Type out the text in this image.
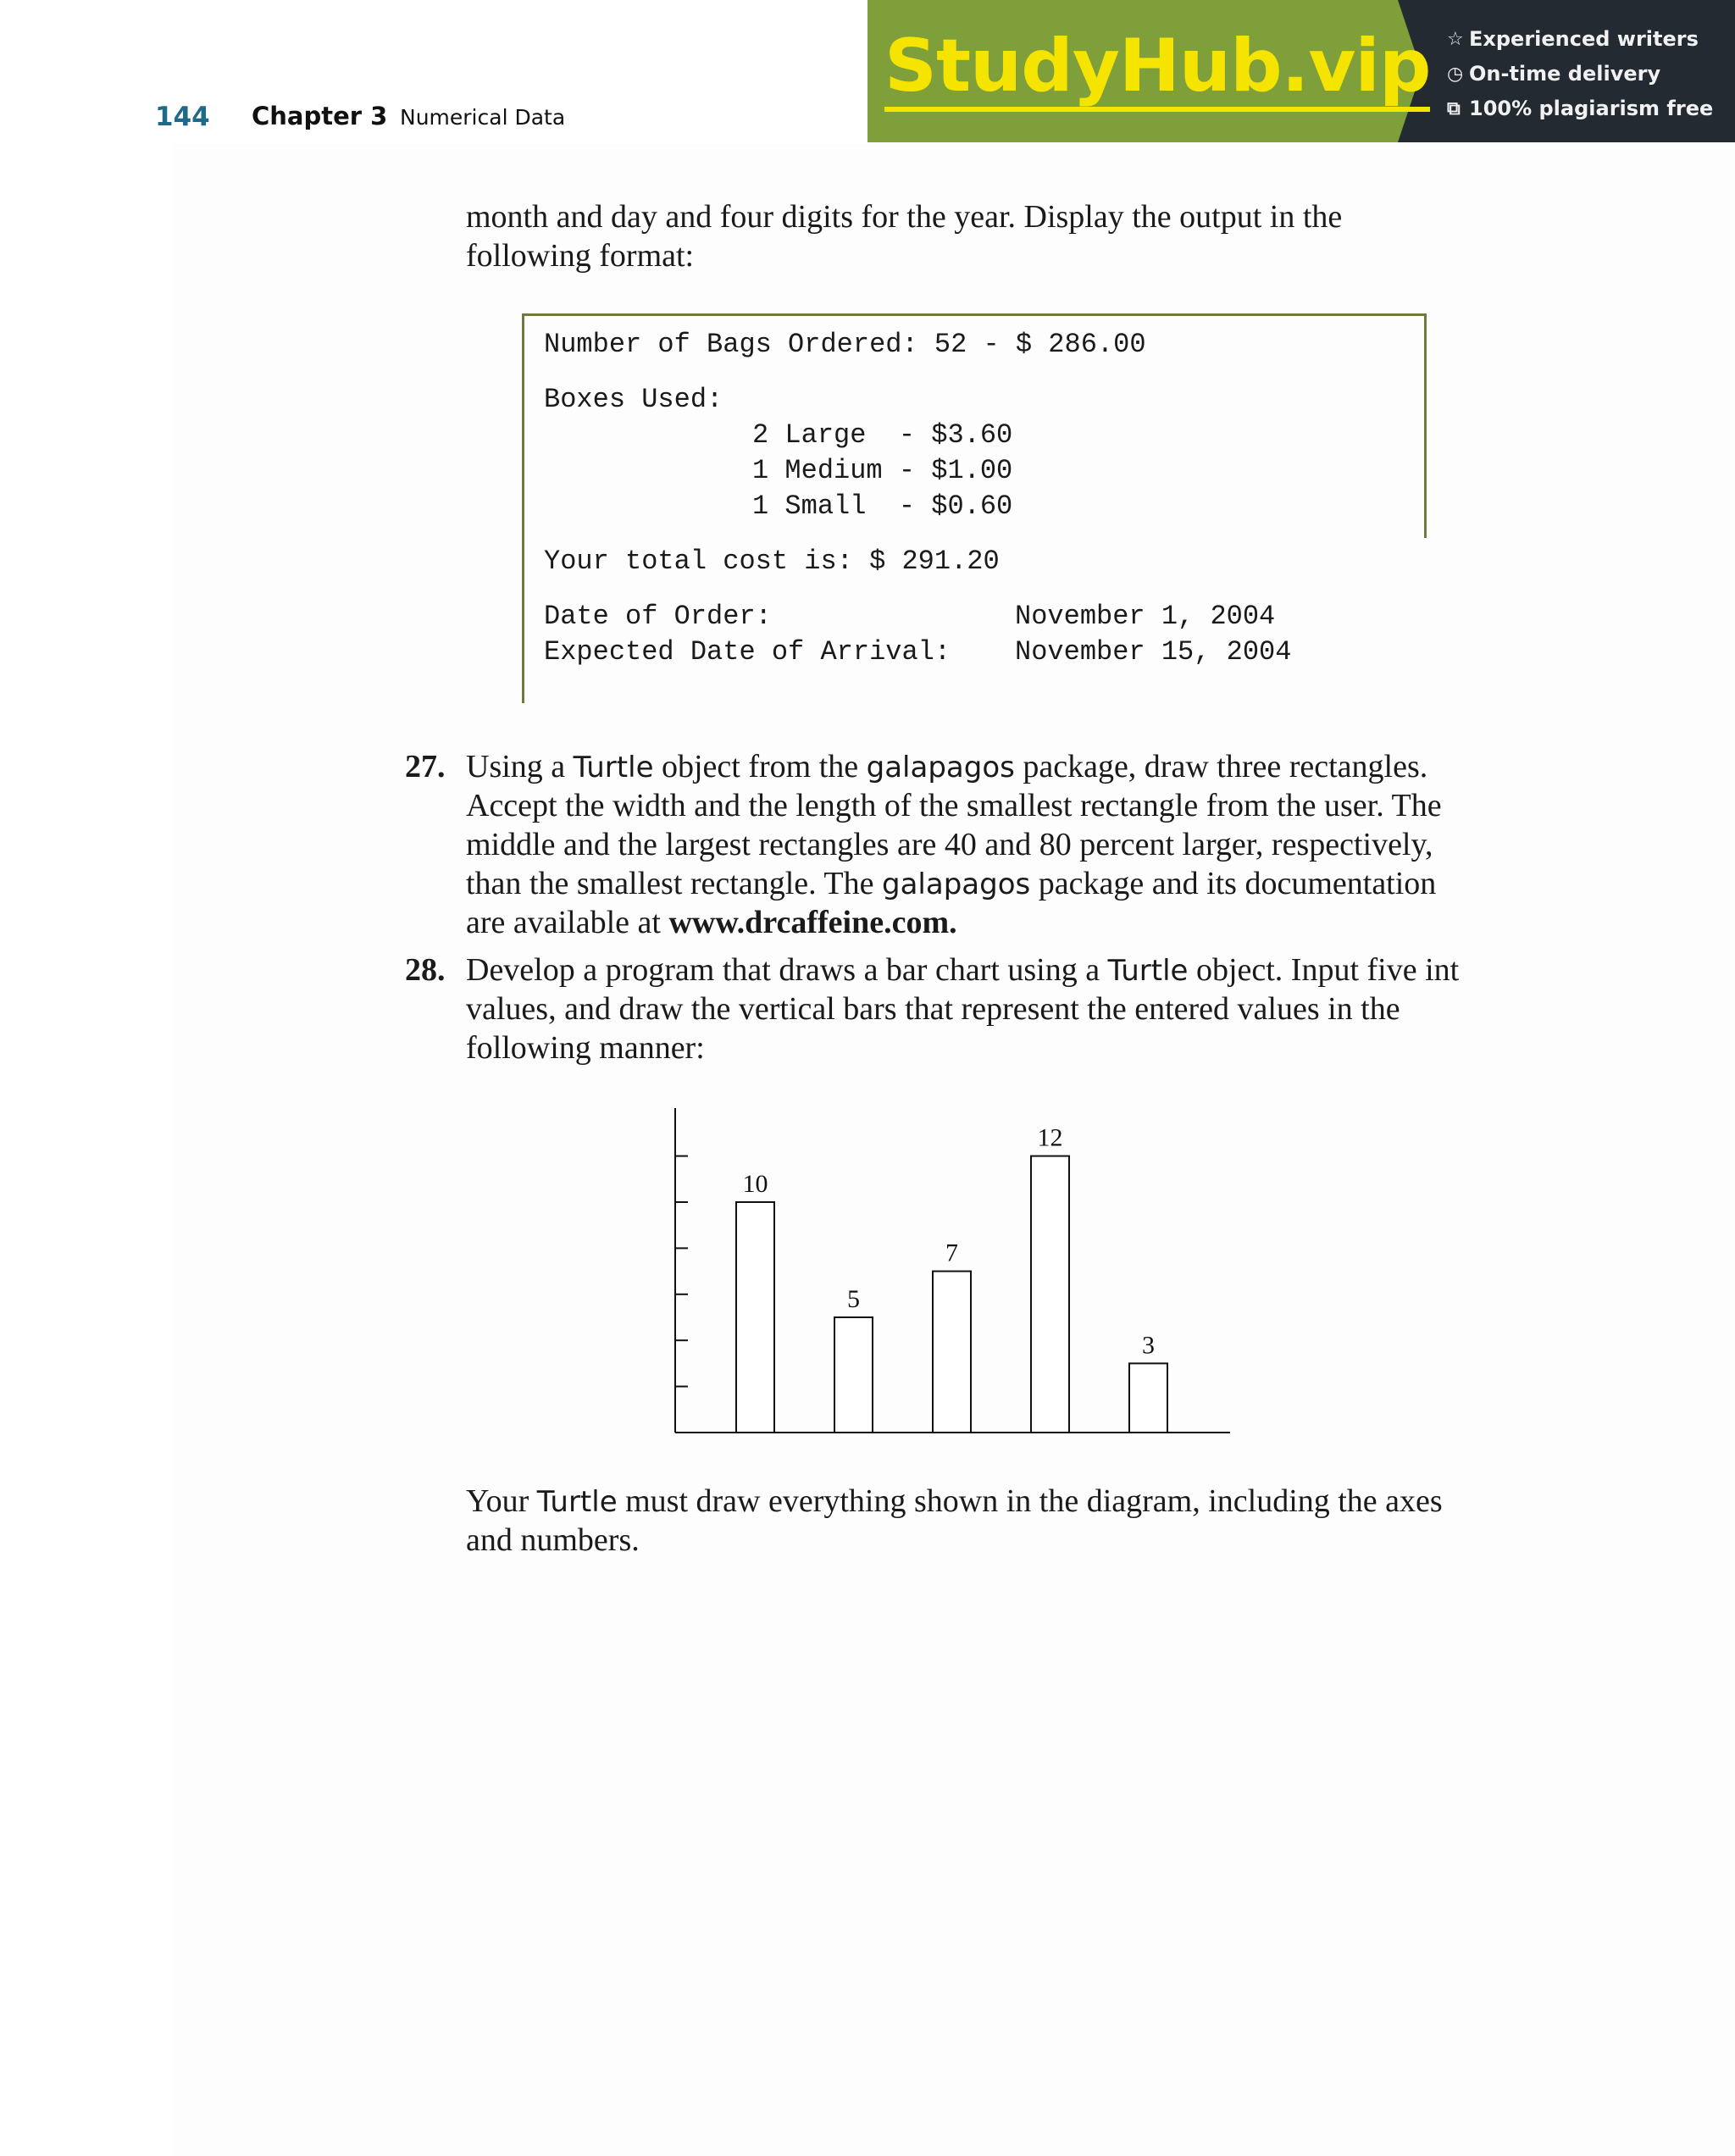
StudyHub.vip ☆ Experienced writers
◷ On-time delivery
⧉ 100% plagiarism free
144 Chapter 3 Numerical Data
month and day and four digits for the year. Display the output in the
following format:
Number of Bags Ordered: 52 - $ 286.00
Boxes Used:
2 Large  - $3.60
1 Medium - $1.00
1 Small  - $0.60
Your total cost is: $ 291.20
Date of Order:	November 1, 2004
Expected Date of Arrival: November 15, 2004
27. Using a Turtle object from the galapagos package, draw three rectangles.
Accept the width and the length of the smallest rectangle from the user. The
middle and the largest rectangles are 40 and 80 percent larger, respectively,
than the smallest rectangle. The galapagos package and its documentation
are available at www.drcaffeine.com.
28. Develop a program that draws a bar chart using a Turtle object. Input five int
values, and draw the vertical bars that represent the entered values in the
following manner:
10
5
7
12
3
Your Turtle must draw everything shown in the diagram, including the axes
and numbers.
